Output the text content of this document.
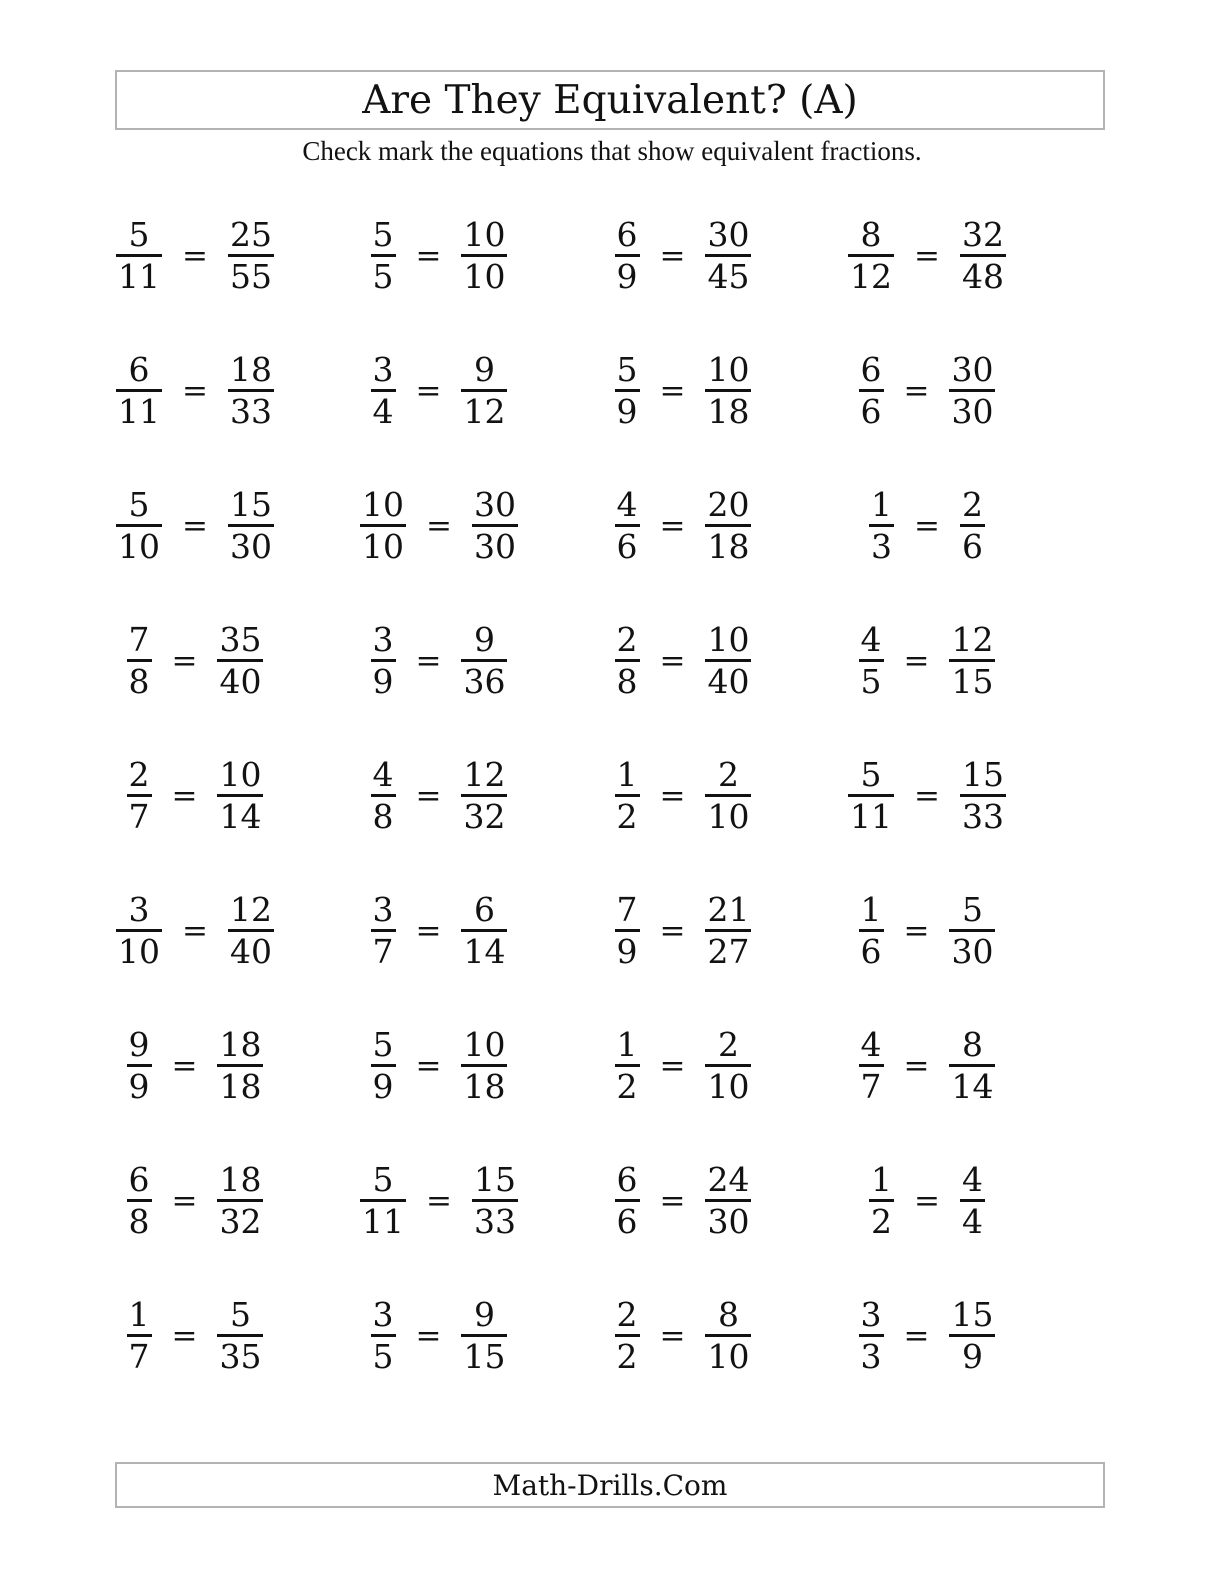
Are They Equivalent? (A)
Check mark the equations that show equivalent fractions.
$\frac{5}{11} = \frac{25}{55}$	$\frac{5}{5} = \frac{10}{10}$	$\frac{6}{9} = \frac{30}{45}$	$\frac{8}{12} = \frac{32}{48}$
$\frac{6}{11} = \frac{18}{33}$	$\frac{3}{4} = \frac{9}{12}$	$\frac{5}{9} = \frac{10}{18}$	$\frac{6}{6} = \frac{30}{30}$
$\frac{5}{10} = \frac{15}{30}$	$\frac{10}{10} = \frac{30}{30}$	$\frac{4}{6} = \frac{20}{18}$	$\frac{1}{3} = \frac{2}{6}$
$\frac{7}{8} = \frac{35}{40}$	$\frac{3}{9} = \frac{9}{36}$	$\frac{2}{8} = \frac{10}{40}$	$\frac{4}{5} = \frac{12}{15}$
$\frac{2}{7} = \frac{10}{14}$	$\frac{4}{8} = \frac{12}{32}$	$\frac{1}{2} = \frac{2}{10}$	$\frac{5}{11} = \frac{15}{33}$
$\frac{3}{10} = \frac{12}{40}$	$\frac{3}{7} = \frac{6}{14}$	$\frac{7}{9} = \frac{21}{27}$	$\frac{1}{6} = \frac{5}{30}$
$\frac{9}{9} = \frac{18}{18}$	$\frac{5}{9} = \frac{10}{18}$	$\frac{1}{2} = \frac{2}{10}$	$\frac{4}{7} = \frac{8}{14}$
$\frac{6}{8} = \frac{18}{32}$	$\frac{5}{11} = \frac{15}{33}$	$\frac{6}{6} = \frac{24}{30}$	$\frac{1}{2} = \frac{4}{4}$
$\frac{1}{7} = \frac{5}{35}$	$\frac{3}{5} = \frac{9}{15}$	$\frac{2}{2} = \frac{8}{10}$	$\frac{3}{3} = \frac{15}{9}$
Math-Drills.Com
